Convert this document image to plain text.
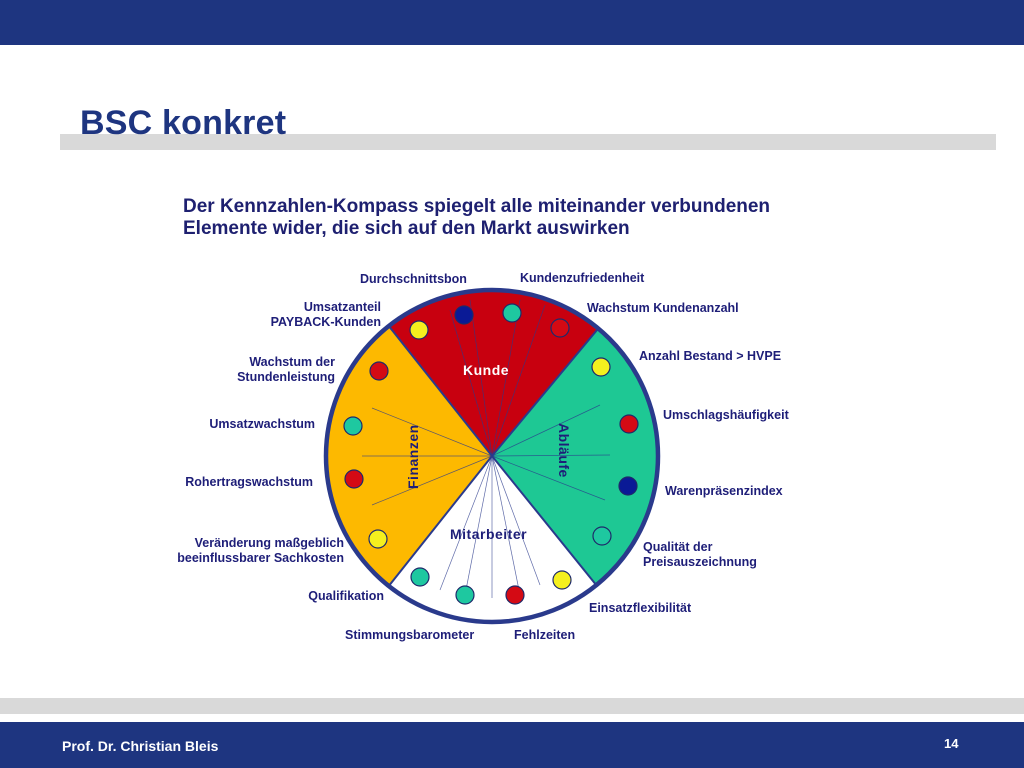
BSC konkret

Der Kennzahlen-Kompass spiegelt alle miteinander verbundenen
Elemente wider, die sich auf den Markt auswirken

Kunde
Abläufe
Mitarbeiter
Finanzen
Durchschnittsbon	Kundenzufriedenheit
Umsatzanteil
PAYBACK-Kunden
Wachstum Kundenanzahl
Wachstum der
Stundenleistung
Anzahl Bestand > HVPE
Umsatzwachstum
Umschlagshäufigkeit
Rohertragswachstum
Warenpräsenzindex
Veränderung maßgeblich
beeinflussbarer Sachkosten
Qualität der
Preisauszeichnung
Qualifikation
Einsatzflexibilität
Stimmungsbarometer	Fehlzeiten
Prof. Dr. Christian Bleis	14
